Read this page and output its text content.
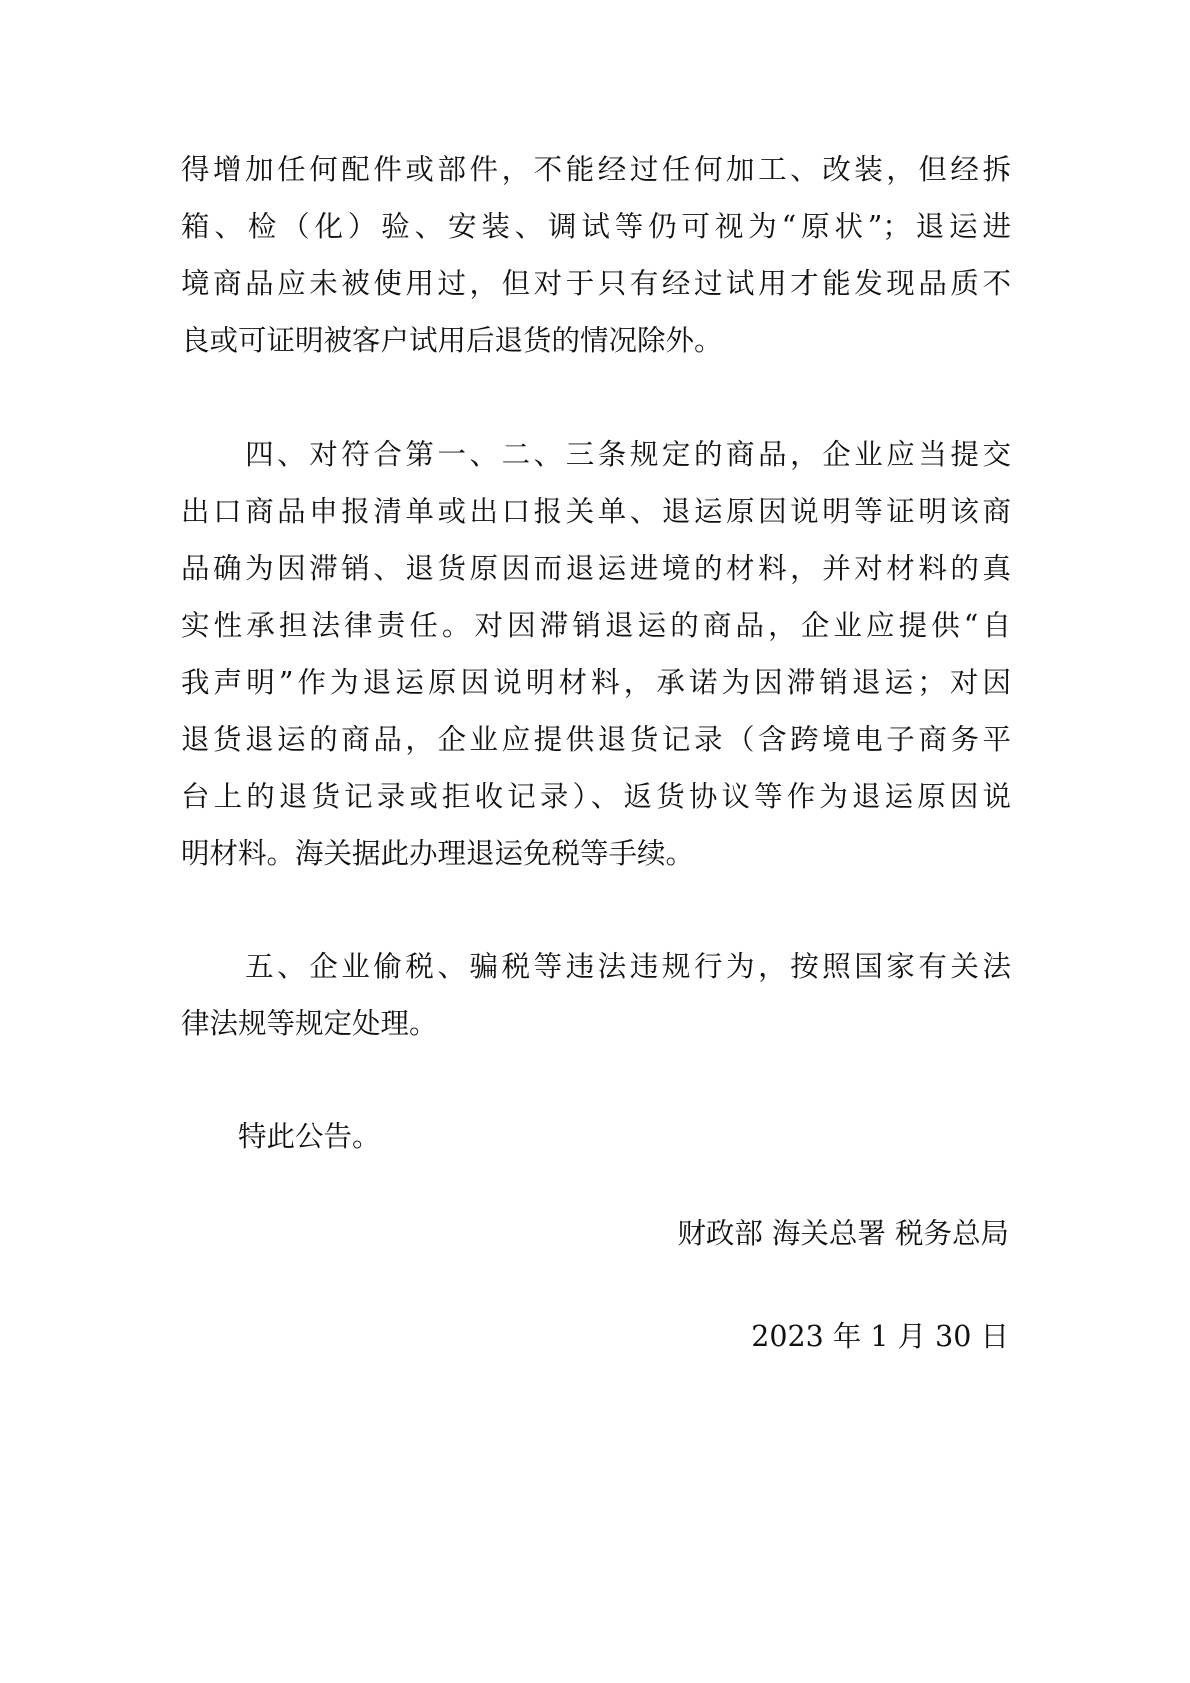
得增加任何配件或部件，不能经过任何加工、改装，但经拆
箱、检（化）验、安装、调试等仍可视为“原状”；退运进
境商品应未被使用过，但对于只有经过试用才能发现品质不
良或可证明被客户试用后退货的情况除外。
　　四、对符合第一、二、三条规定的商品，企业应当提交
出口商品申报清单或出口报关单、退运原因说明等证明该商
品确为因滞销、退货原因而退运进境的材料，并对材料的真
实性承担法律责任。对因滞销退运的商品，企业应提供“自
我声明”作为退运原因说明材料，承诺为因滞销退运；对因
退货退运的商品，企业应提供退货记录（含跨境电子商务平
台上的退货记录或拒收记录）、返货协议等作为退运原因说
明材料。海关据此办理退运免税等手续。
　　五、企业偷税、骗税等违法违规行为，按照国家有关法
律法规等规定处理。
　　特此公告。
财政部 海关总署 税务总局
2023 年 1 月 30 日
